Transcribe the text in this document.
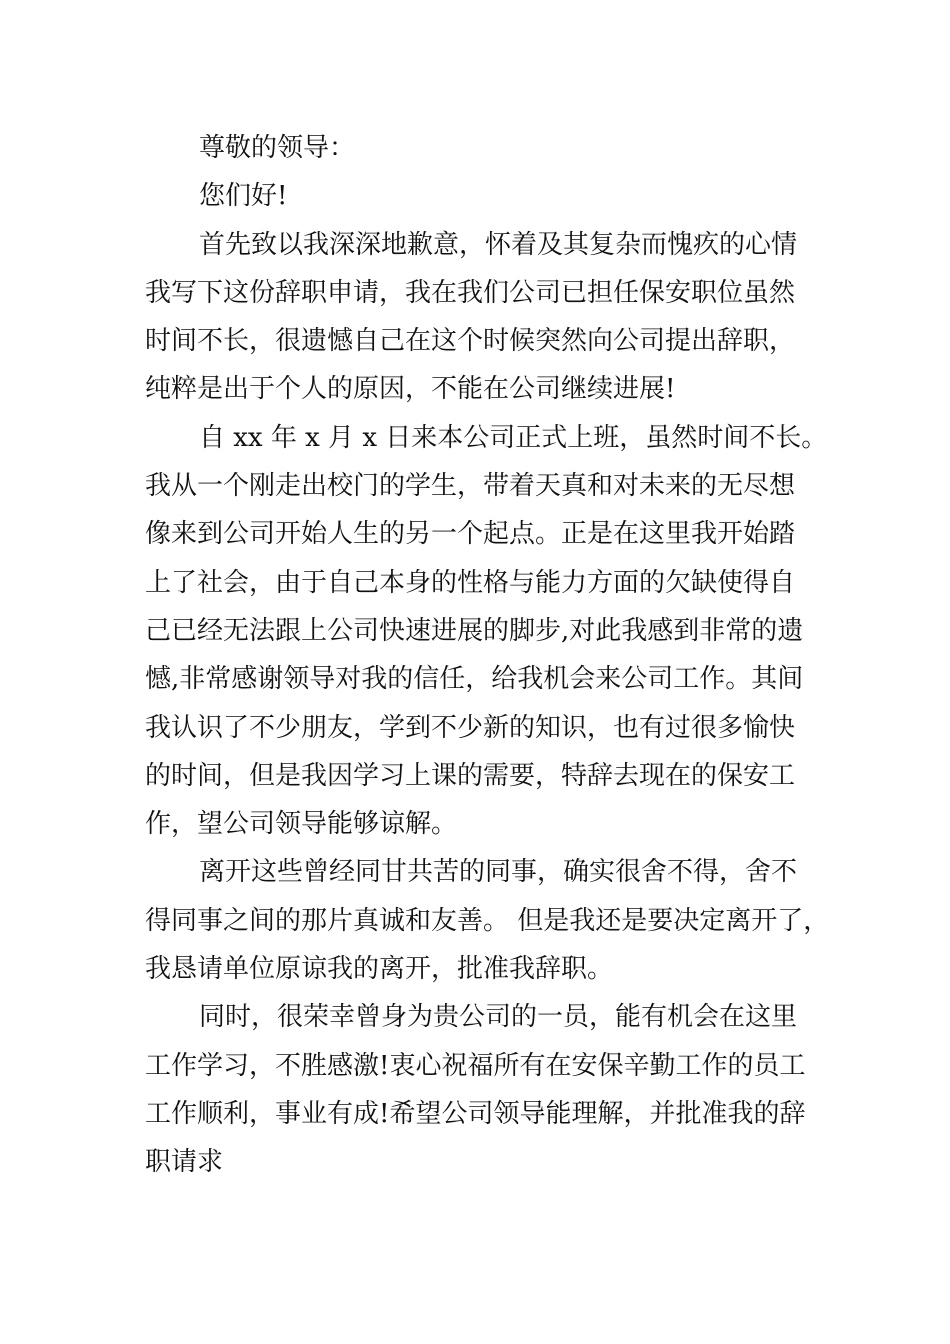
尊敬的领导：
您们好!
首先致以我深深地歉意，怀着及其复杂而愧疚的心情
我写下这份辞职申请，我在我们公司已担任保安职位虽然
时间不长，很遗憾自己在这个时候突然向公司提出辞职，
纯粹是出于个人的原因，不能在公司继续进展!
自 xx 年 x 月 x 日来本公司正式上班，虽然时间不长。
我从一个刚走出校门的学生，带着天真和对未来的无尽想
像来到公司开始人生的另一个起点。正是在这里我开始踏
上了社会，由于自己本身的性格与能力方面的欠缺使得自
己已经无法跟上公司快速进展的脚步,对此我感到非常的遗
憾,非常感谢领导对我的信任，给我机会来公司工作。其间
我认识了不少朋友，学到不少新的知识，也有过很多愉快
的时间，但是我因学习上课的需要，特辞去现在的保安工
作，望公司领导能够谅解。
离开这些曾经同甘共苦的同事，确实很舍不得，舍不
得同事之间的那片真诚和友善。 但是我还是要决定离开了，
我恳请单位原谅我的离开，批准我辞职。
同时，很荣幸曾身为贵公司的一员，能有机会在这里
工作学习，不胜感激!衷心祝福所有在安保辛勤工作的员工
工作顺利，事业有成!希望公司领导能理解，并批准我的辞
职请求
